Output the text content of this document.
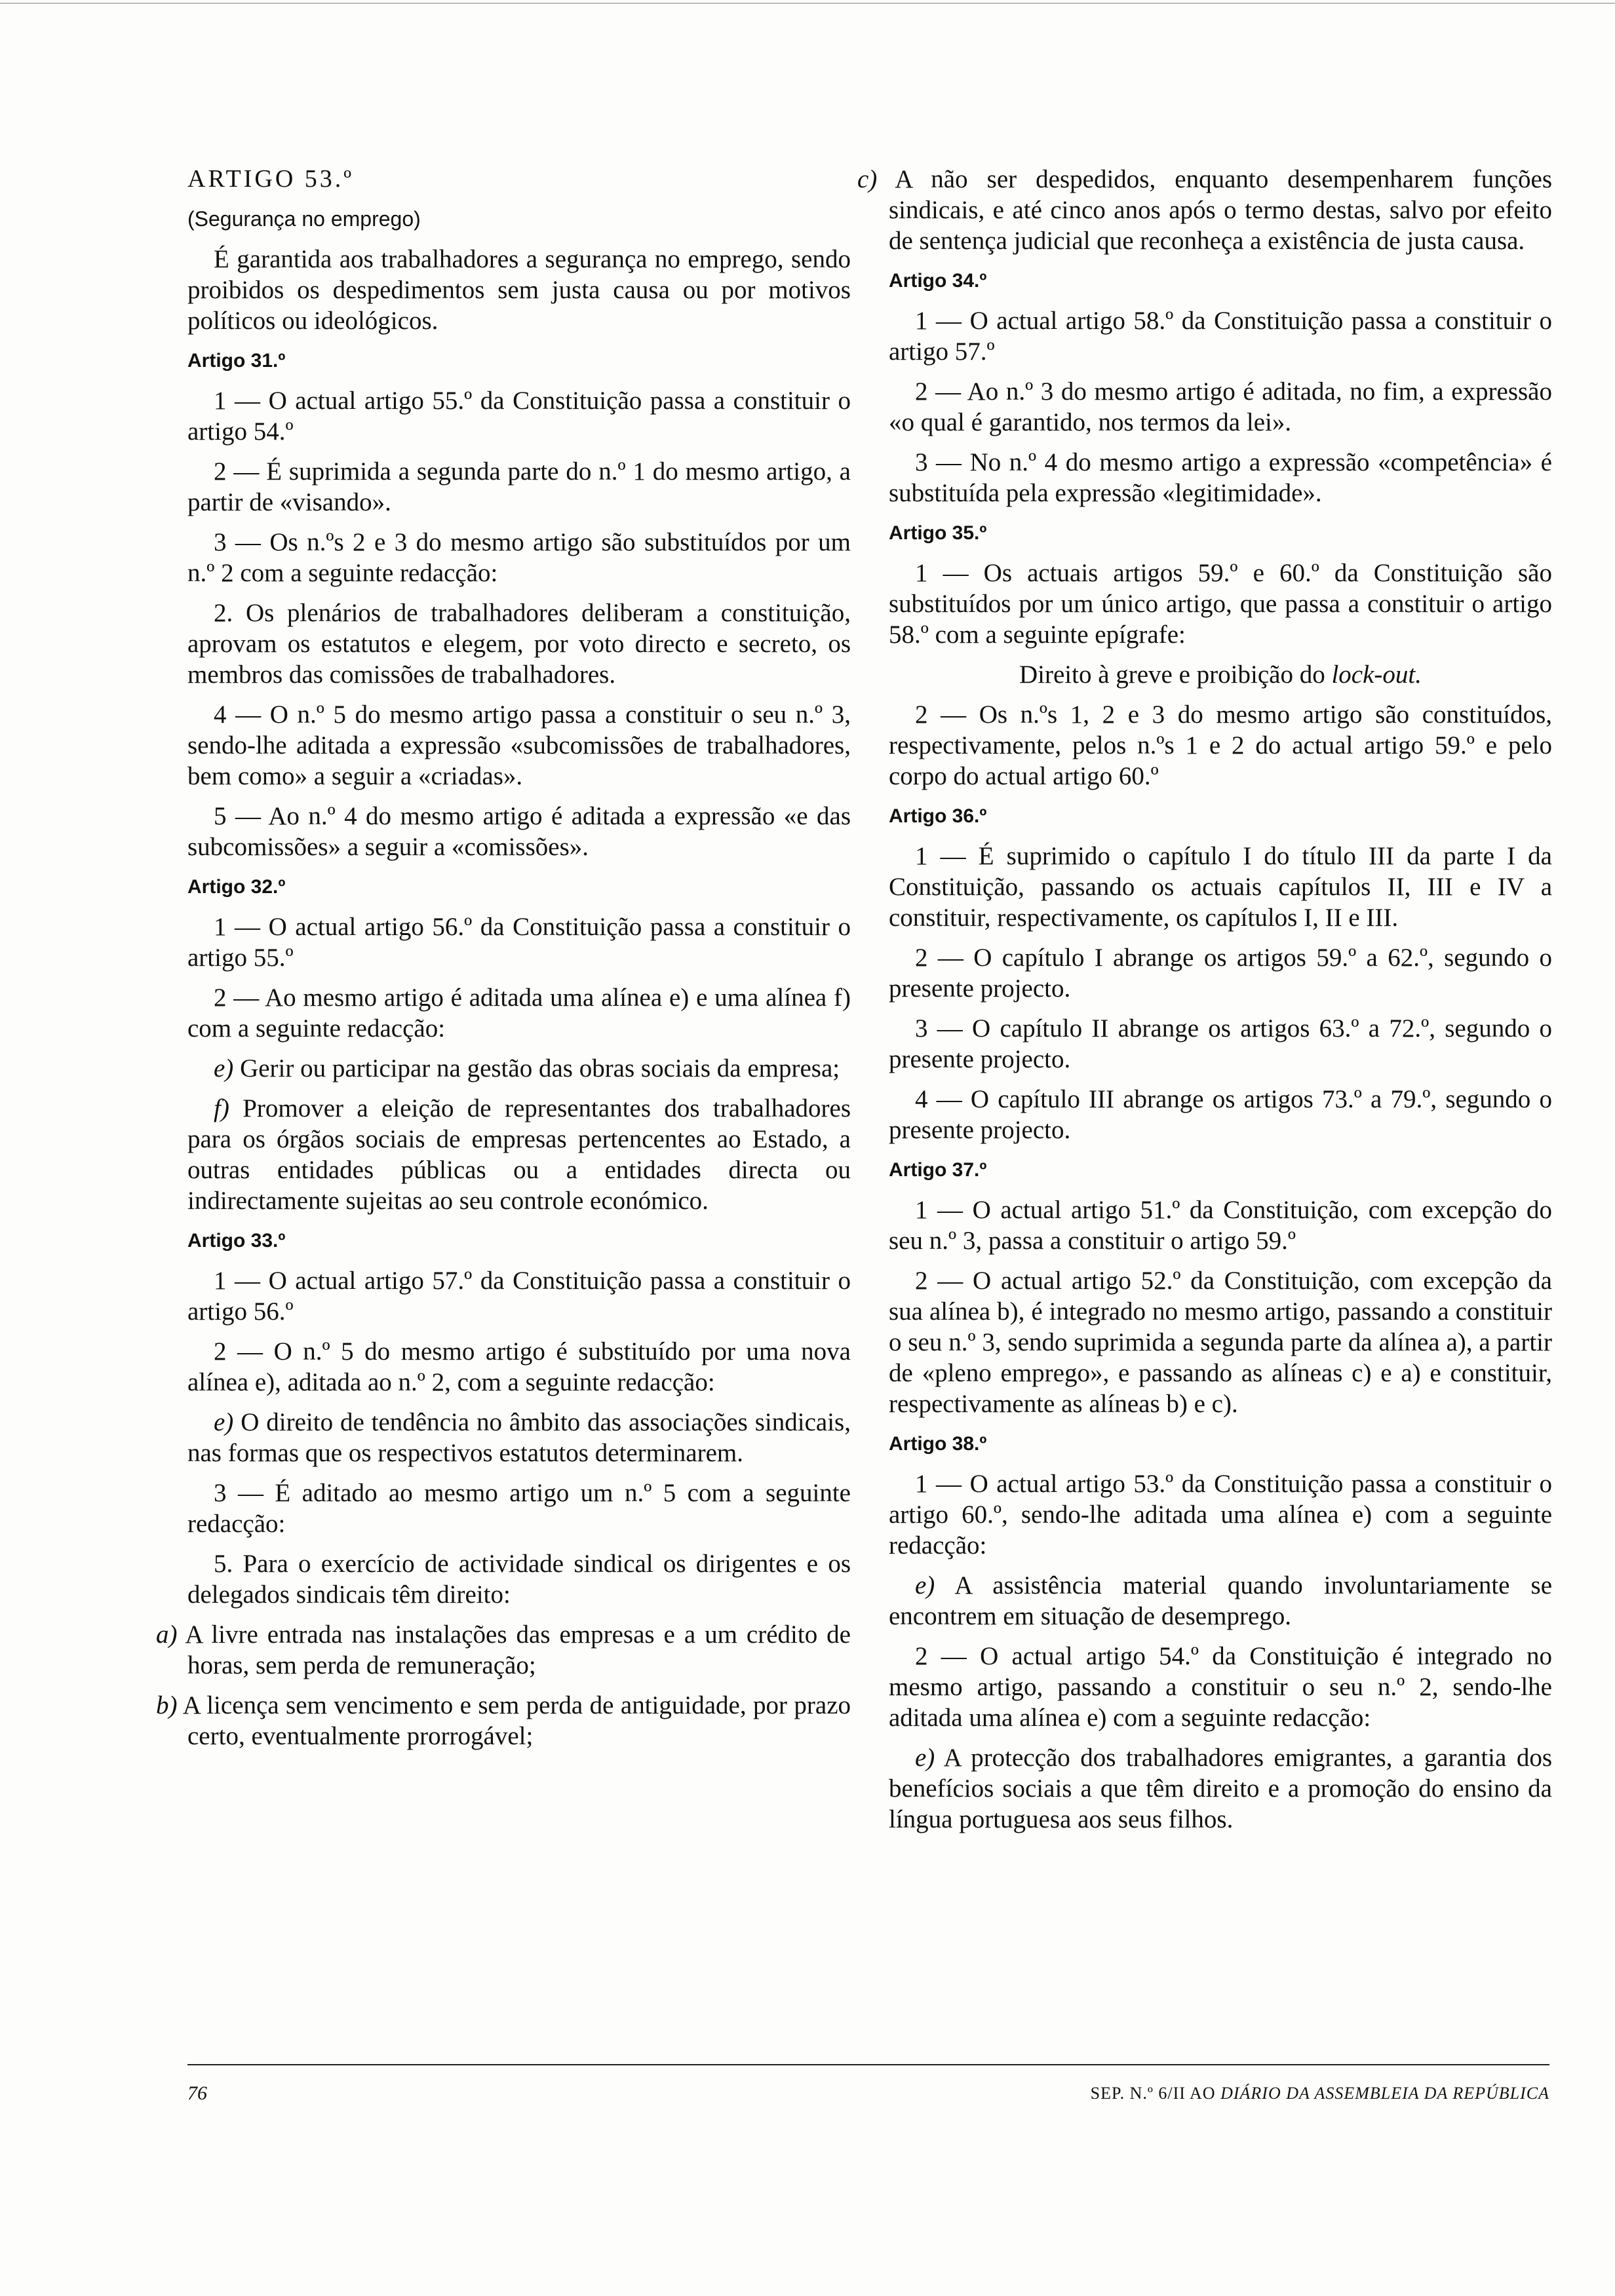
ARTIGO 53.º

(Segurança no emprego)

É garantida aos trabalhadores a segurança no emprego, sendo proibidos os despedimentos sem justa causa ou por motivos políticos ou ideológicos.

Artigo 31.º

1 — O actual artigo 55.º da Constituição passa a constituir o artigo 54.º

2 — É suprimida a segunda parte do n.º 1 do mesmo artigo, a partir de «visando».

3 — Os n.ºs 2 e 3 do mesmo artigo são substituídos por um n.º 2 com a seguinte redacção:

2. Os plenários de trabalhadores deliberam a constituição, aprovam os estatutos e elegem, por voto directo e secreto, os membros das comissões de trabalhadores.

4 — O n.º 5 do mesmo artigo passa a constituir o seu n.º 3, sendo-lhe aditada a expressão «subcomissões de trabalhadores, bem como» a seguir a «criadas».

5 — Ao n.º 4 do mesmo artigo é aditada a expressão «e das subcomissões» a seguir a «comissões».

Artigo 32.º

1 — O actual artigo 56.º da Constituição passa a constituir o artigo 55.º

2 — Ao mesmo artigo é aditada uma alínea e) e uma alínea f) com a seguinte redacção:

e) Gerir ou participar na gestão das obras sociais da empresa;

f) Promover a eleição de representantes dos trabalhadores para os órgãos sociais de empresas pertencentes ao Estado, a outras entidades públicas ou a entidades directa ou indirectamente sujeitas ao seu controle económico.

Artigo 33.º

1 — O actual artigo 57.º da Constituição passa a constituir o artigo 56.º

2 — O n.º 5 do mesmo artigo é substituído por uma nova alínea e), aditada ao n.º 2, com a seguinte redacção:

e) O direito de tendência no âmbito das associações sindicais, nas formas que os respectivos estatutos determinarem.

3 — É aditado ao mesmo artigo um n.º 5 com a seguinte redacção:

5. Para o exercício de actividade sindical os dirigentes e os delegados sindicais têm direito:

a) A livre entrada nas instalações das empresas e a um crédito de horas, sem perda de remuneração;

b) A licença sem vencimento e sem perda de antiguidade, por prazo certo, eventualmente prorrogável;

c) A não ser despedidos, enquanto desempenharem funções sindicais, e até cinco anos após o termo destas, salvo por efeito de sentença judicial que reconheça a existência de justa causa.

Artigo 34.º

1 — O actual artigo 58.º da Constituição passa a constituir o artigo 57.º

2 — Ao n.º 3 do mesmo artigo é aditada, no fim, a expressão «o qual é garantido, nos termos da lei».

3 — No n.º 4 do mesmo artigo a expressão «competência» é substituída pela expressão «legitimidade».

Artigo 35.º

1 — Os actuais artigos 59.º e 60.º da Constituição são substituídos por um único artigo, que passa a constituir o artigo 58.º com a seguinte epígrafe:

Direito à greve e proibição do lock-out.

2 — Os n.ºs 1, 2 e 3 do mesmo artigo são constituídos, respectivamente, pelos n.ºs 1 e 2 do actual artigo 59.º e pelo corpo do actual artigo 60.º

Artigo 36.º

1 — É suprimido o capítulo I do título III da parte I da Constituição, passando os actuais capítulos II, III e IV a constituir, respectivamente, os capítulos I, II e III.

2 — O capítulo I abrange os artigos 59.º a 62.º, segundo o presente projecto.

3 — O capítulo II abrange os artigos 63.º a 72.º, segundo o presente projecto.

4 — O capítulo III abrange os artigos 73.º a 79.º, segundo o presente projecto.

Artigo 37.º

1 — O actual artigo 51.º da Constituição, com excepção do seu n.º 3, passa a constituir o artigo 59.º

2 — O actual artigo 52.º da Constituição, com excepção da sua alínea b), é integrado no mesmo artigo, passando a constituir o seu n.º 3, sendo suprimida a segunda parte da alínea a), a partir de «pleno emprego», e passando as alíneas c) e a) e constituir, respectivamente as alíneas b) e c).

Artigo 38.º

1 — O actual artigo 53.º da Constituição passa a constituir o artigo 60.º, sendo-lhe aditada uma alínea e) com a seguinte redacção:

e) A assistência material quando involuntariamente se encontrem em situação de desemprego.

2 — O actual artigo 54.º da Constituição é integrado no mesmo artigo, passando a constituir o seu n.º 2, sendo-lhe aditada uma alínea e) com a seguinte redacção:

e) A protecção dos trabalhadores emigrantes, a garantia dos benefícios sociais a que têm direito e a promoção do ensino da língua portuguesa aos seus filhos.

76	SEP. N.º 6/II AO DIÁRIO DA ASSEMBLEIA DA REPÚBLICA
